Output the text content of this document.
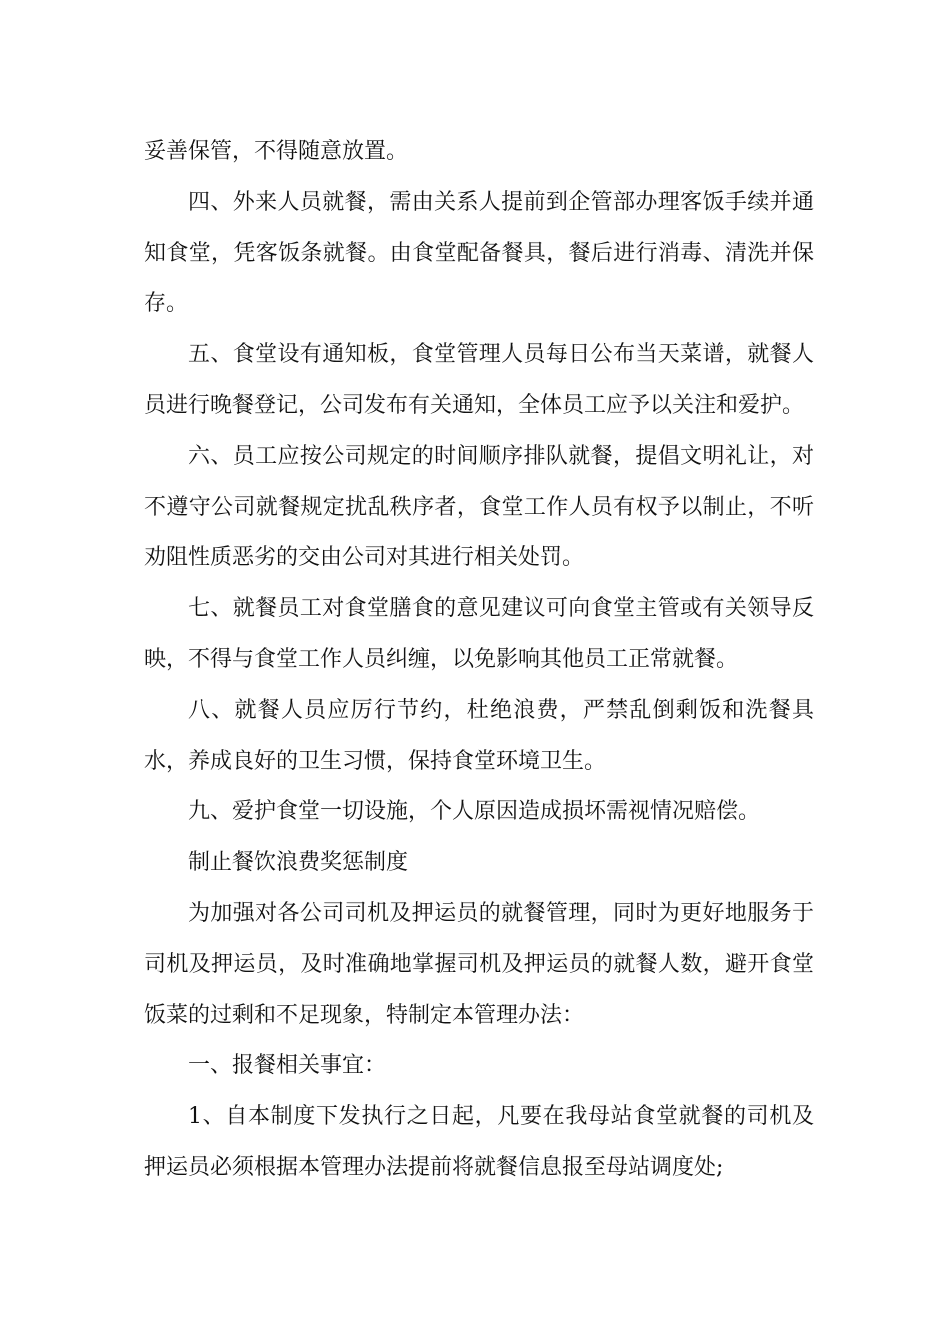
妥善保管，不得随意放置。

四、外来人员就餐，需由关系人提前到企管部办理客饭手续并通知食堂，凭客饭条就餐。由食堂配备餐具，餐后进行消毒、清洗并保存。

五、食堂设有通知板，食堂管理人员每日公布当天菜谱，就餐人员进行晚餐登记，公司发布有关通知，全体员工应予以关注和爱护。

六、员工应按公司规定的时间顺序排队就餐，提倡文明礼让，对不遵守公司就餐规定扰乱秩序者，食堂工作人员有权予以制止，不听劝阻性质恶劣的交由公司对其进行相关处罚。

七、就餐员工对食堂膳食的意见建议可向食堂主管或有关领导反映，不得与食堂工作人员纠缠，以免影响其他员工正常就餐。

八、就餐人员应厉行节约，杜绝浪费，严禁乱倒剩饭和洗餐具水，养成良好的卫生习惯，保持食堂环境卫生。

九、爱护食堂一切设施，个人原因造成损坏需视情况赔偿。

制止餐饮浪费奖惩制度

为加强对各公司司机及押运员的就餐管理，同时为更好地服务于司机及押运员，及时准确地掌握司机及押运员的就餐人数，避开食堂饭菜的过剩和不足现象，特制定本管理办法：

一、报餐相关事宜：

1、自本制度下发执行之日起，凡要在我母站食堂就餐的司机及押运员必须根据本管理办法提前将就餐信息报至母站调度处;
